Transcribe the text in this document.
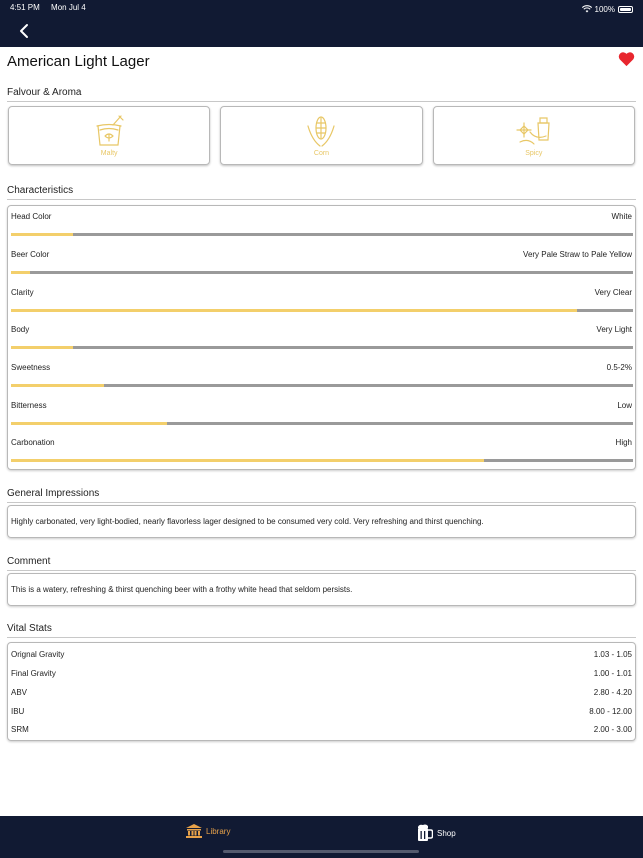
4:51 PM Mon Jul 4	100%
American Light Lager
Falvour & Aroma
Malty	Corn	Spicy
Characteristics
Head Color	White
Beer Color	Very Pale Straw to Pale Yellow
Clarity	Very Clear
Body	Very Light
Sweetness	0.5-2%
Bitterness	Low
Carbonation	High
General Impressions
Highly carbonated, very light-bodied, nearly flavorless lager designed to be consumed very cold. Very refreshing and thirst quenching.
Comment
This is a watery, refreshing & thirst quenching beer with a frothy white head that seldom persists.
Vital Stats
Orignal Gravity	1.03 - 1.05
Final Gravity	1.00 - 1.01
ABV	2.80 - 4.20
IBU	8.00 - 12.00
SRM	2.00 - 3.00
Library	Shop
